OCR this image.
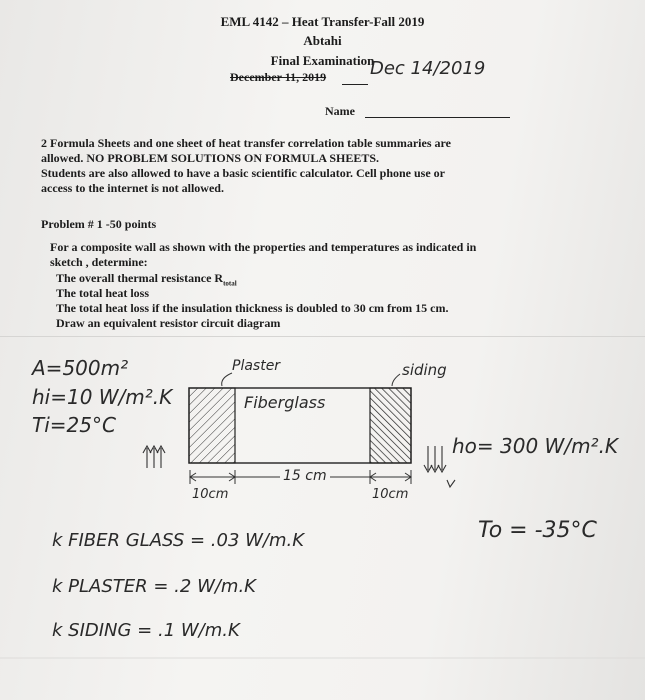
EML 4142 – Heat Transfer-Fall 2019
Abtahi
Final Examination
December 11, 2019 Dec 14/2019
Name
2 Formula Sheets and one sheet of heat transfer correlation table summaries are
allowed. NO PROBLEM SOLUTIONS ON FORMULA SHEETS.
Students are also allowed to have a basic scientific calculator. Cell phone use or
access to the internet is not allowed.
Problem # 1 -50 points
For a composite wall as shown with the properties and temperatures as indicated in
sketch , determine:
The overall thermal resistance $R_{total}$
The total heat loss
The total heat loss if the insulation thickness is doubled to 30 cm from 15 cm.
Draw an equivalent resistor circuit diagram
A=500m²
hi=10 W/m².K
Ti=25°C
Plaster
Fiberglass
siding
ho= 300 W/m².K
15 cm
10cm	10cm
To = -35°C
k FIBER GLASS = .03 W/m.K
k PLASTER = .2 W/m.K
k SIDING = .1 W/m.K
